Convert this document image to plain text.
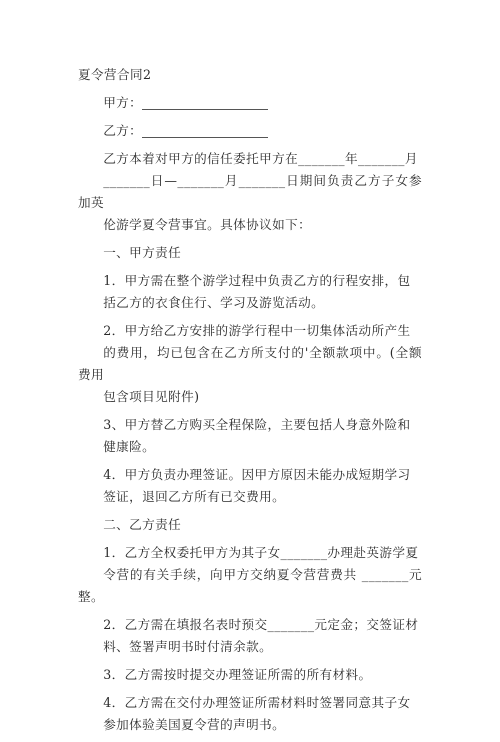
夏令营合同2

甲方：

乙方：

乙方本着对甲方的信任委托甲方在_______年_______月
_______日—_______月_______日期间负责乙方子女参加英
伦游学夏令营事宜。具体协议如下：

一、甲方责任

1．甲方需在整个游学过程中负责乙方的行程安排，包
括乙方的衣食住行、学习及游览活动。
2．甲方给乙方安排的游学行程中一切集体活动所产生
的费用，均已包含在乙方所支付的'全额款项中。(全额费用
包含项目见附件)
3、甲方替乙方购买全程保险，主要包括人身意外险和
健康险。
4．甲方负责办理签证。因甲方原因未能办成短期学习
签证，退回乙方所有已交费用。

二、乙方责任

1．乙方全权委托甲方为其子女_______办理赴英游学夏
令营的有关手续，向甲方交纳夏令营营费共 _______元整。
2．乙方需在填报名表时预交_______元定金；交签证材
料、签署声明书时付清余款。
3．乙方需按时提交办理签证所需的所有材料。
4．乙方需在交付办理签证所需材料时签署同意其子女
参加体验美国夏令营的声明书。
